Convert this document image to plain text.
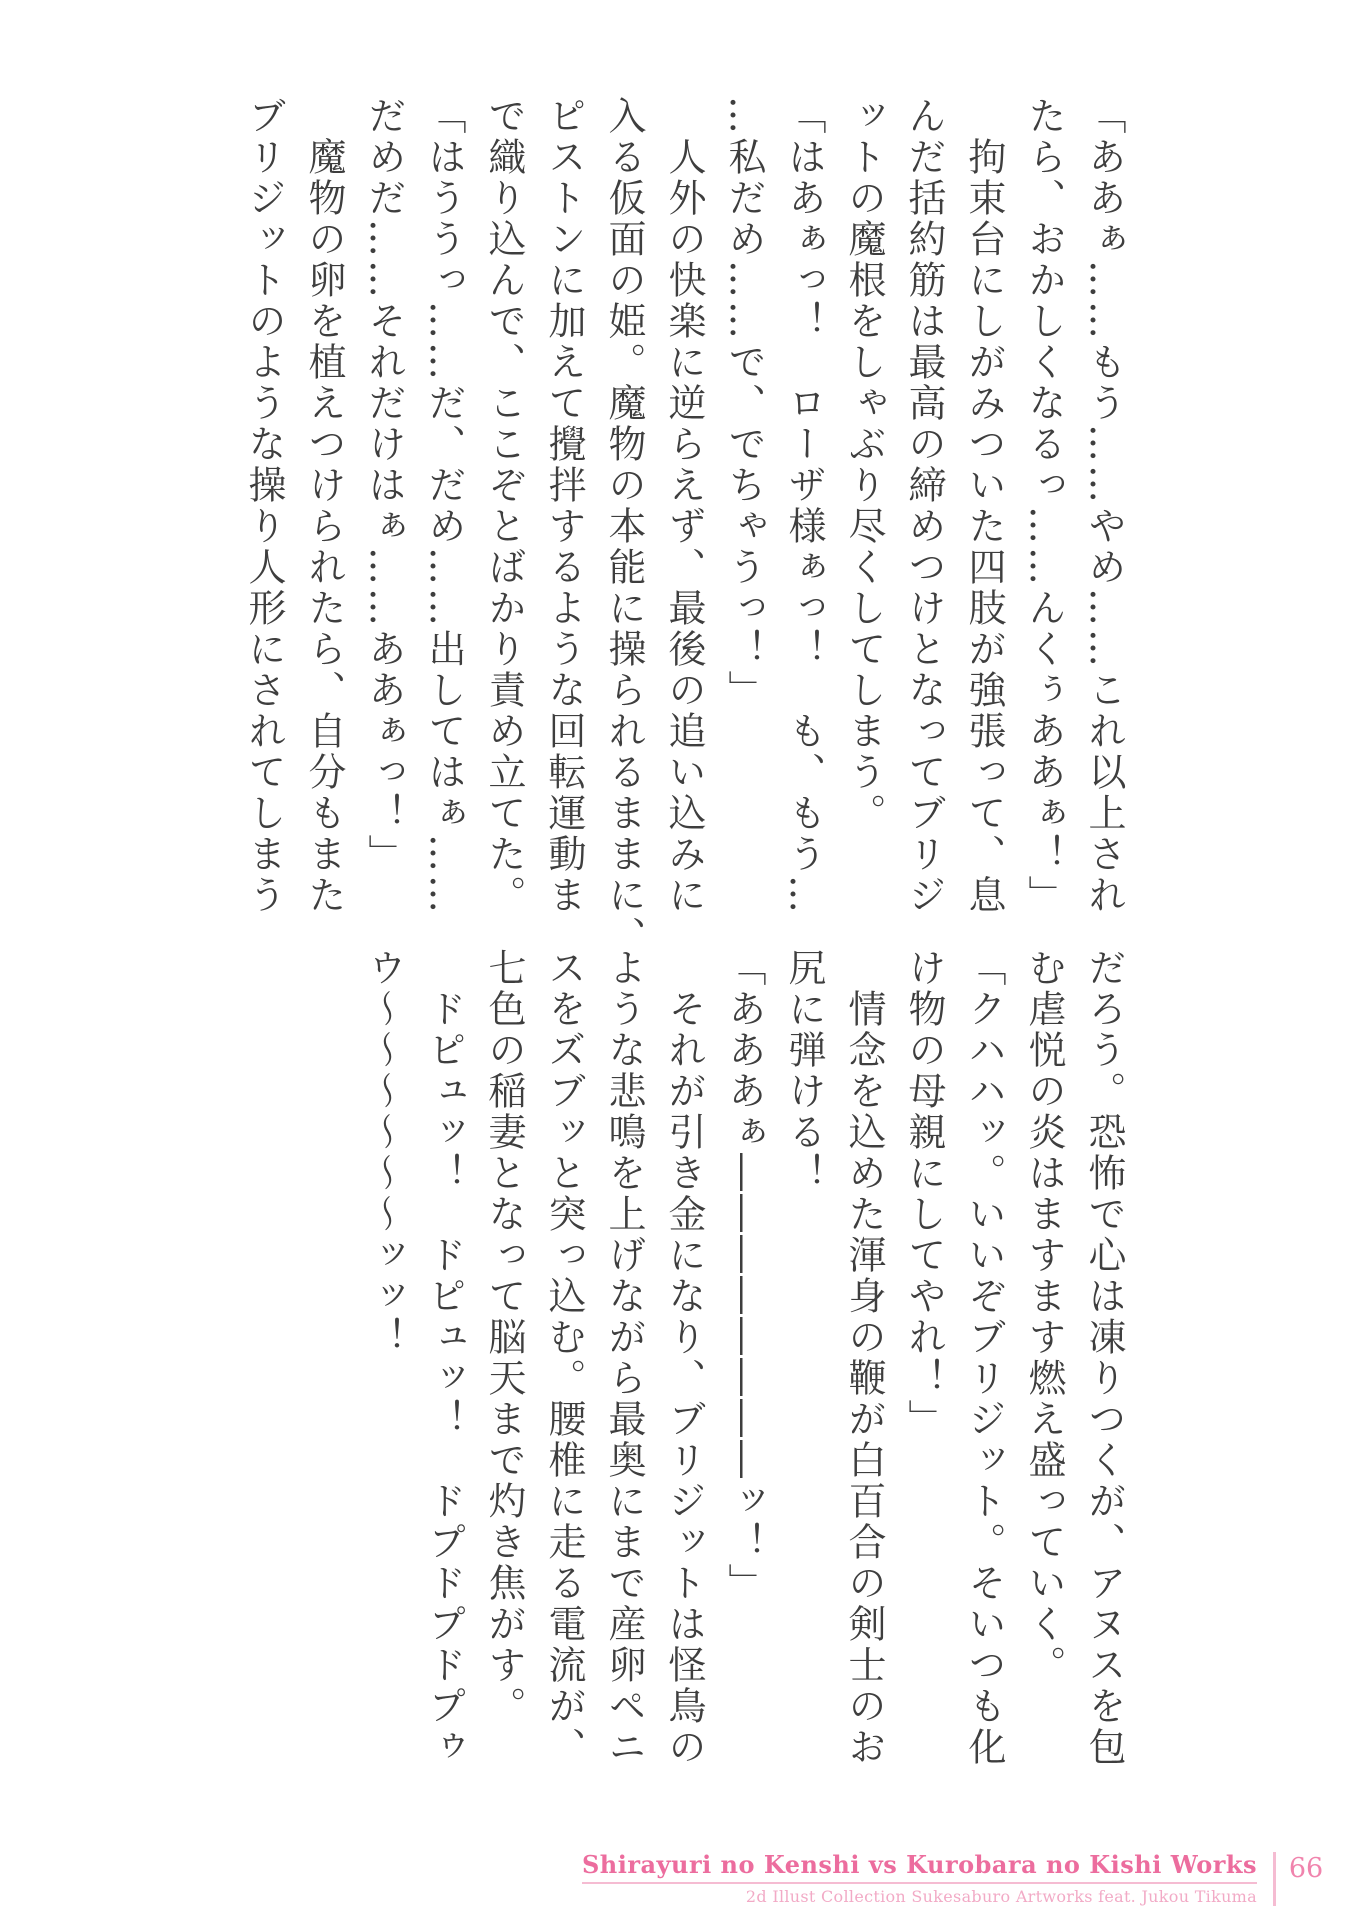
「ああぁ……もう……やめ……これ以上され
たら、おかしくなるっ……んくぅああぁ！」
拘束台にしがみついた四肢が強張って、息
んだ括約筋は最高の締めつけとなってブリジ
ットの魔根をしゃぶり尽くしてしまう。
「はあぁっ！　ローザ様ぁっ！　も、もう…
…私だめ……で、でちゃうっ！」
人外の快楽に逆らえず、最後の追い込みに
入る仮面の姫。魔物の本能に操られるままに、
ピストンに加えて攪拌するような回転運動ま
で織り込んで、ここぞとばかり責め立てた。
「はううっ……だ、だめ……出してはぁ……
だめだ……それだけはぁ……ああぁっ！」
魔物の卵を植えつけられたら、自分もまた
ブリジットのような操り人形にされてしまう
だろう。恐怖で心は凍りつくが、アヌスを包
む虐悦の炎はますます燃え盛っていく。
「クハハッ。いいぞブリジット。そいつも化
け物の母親にしてやれ！」
情念を込めた渾身の鞭が白百合の剣士のお
尻に弾ける！
「あああぁ――――――――ッ！」
それが引き金になり、ブリジットは怪鳥の
ような悲鳴を上げながら最奥にまで産卵ペニ
スをズブッと突っ込む。腰椎に走る電流が、
七色の稲妻となって脳天まで灼き焦がす。
ドピュッ！　ドピュッ！　ドプドプドプゥ
ウ～～～～～～ッッ！
Shirayuri no Kenshi vs Kurobara no Kishi Works
2d Illust Collection Sukesaburo Artworks feat. Jukou Tikuma
66
